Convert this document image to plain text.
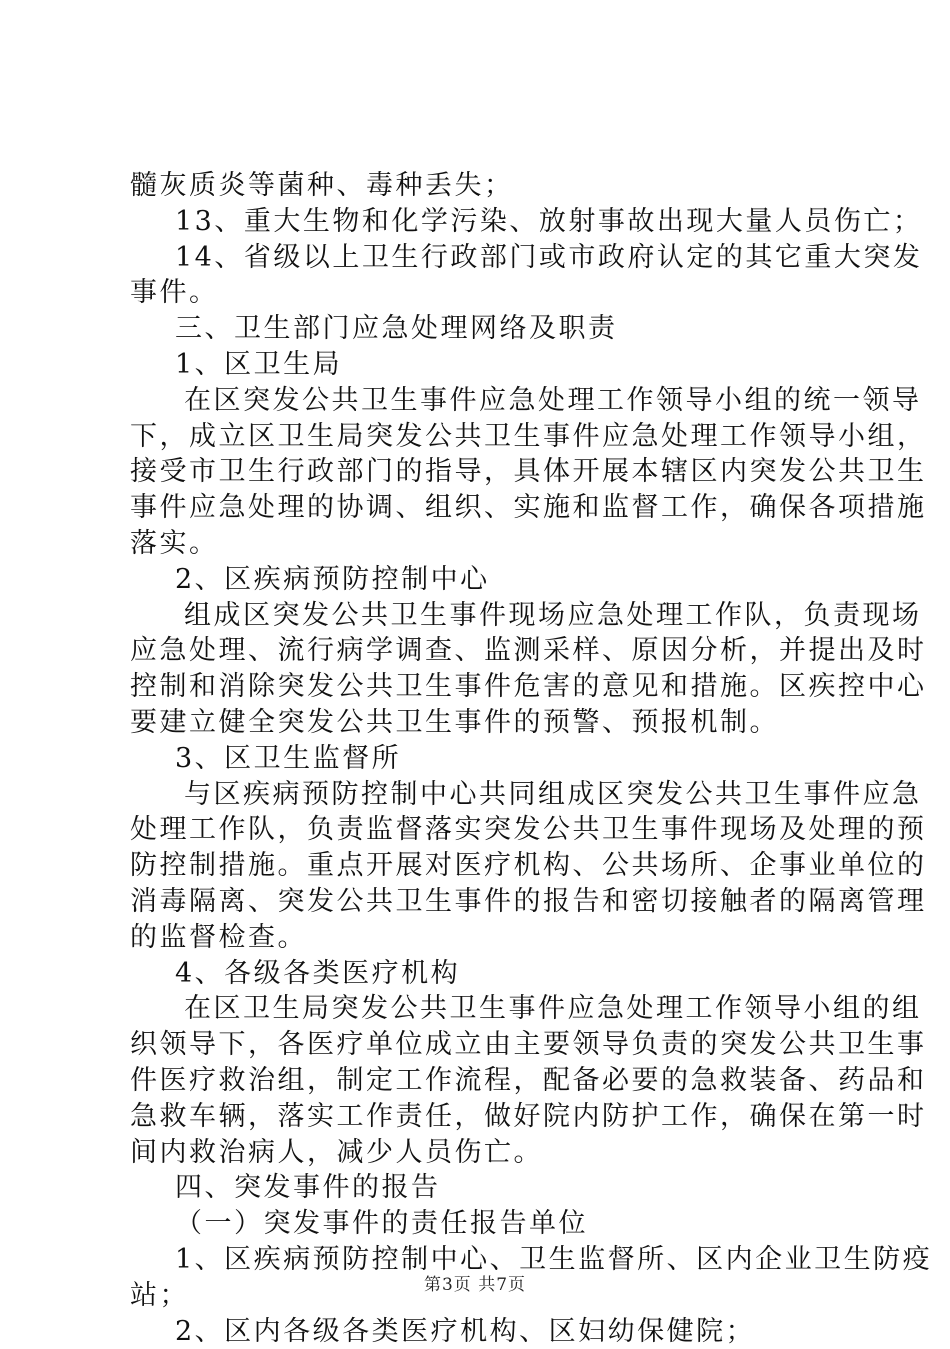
髓灰质炎等菌种、毒种丢失；
13、重大生物和化学污染、放射事故出现大量人员伤亡；
14、省级以上卫生行政部门或市政府认定的其它重大突发
事件。
三、卫生部门应急处理网络及职责
1、区卫生局
在区突发公共卫生事件应急处理工作领导小组的统一领导
下，成立区卫生局突发公共卫生事件应急处理工作领导小组，
接受市卫生行政部门的指导，具体开展本辖区内突发公共卫生
事件应急处理的协调、组织、实施和监督工作，确保各项措施
落实。
2、区疾病预防控制中心
组成区突发公共卫生事件现场应急处理工作队，负责现场
应急处理、流行病学调查、监测采样、原因分析，并提出及时
控制和消除突发公共卫生事件危害的意见和措施。区疾控中心
要建立健全突发公共卫生事件的预警、预报机制。
3、区卫生监督所
与区疾病预防控制中心共同组成区突发公共卫生事件应急
处理工作队，负责监督落实突发公共卫生事件现场及处理的预
防控制措施。重点开展对医疗机构、公共场所、企事业单位的
消毒隔离、突发公共卫生事件的报告和密切接触者的隔离管理
的监督检查。
4、各级各类医疗机构
在区卫生局突发公共卫生事件应急处理工作领导小组的组
织领导下，各医疗单位成立由主要领导负责的突发公共卫生事
件医疗救治组，制定工作流程，配备必要的急救装备、药品和
急救车辆，落实工作责任，做好院内防护工作，确保在第一时
间内救治病人，减少人员伤亡。
四、突发事件的报告
（一）突发事件的责任报告单位
1、区疾病预防控制中心、卫生监督所、区内企业卫生防疫
站；
2、区内各级各类医疗机构、区妇幼保健院；
第3页 共7页
